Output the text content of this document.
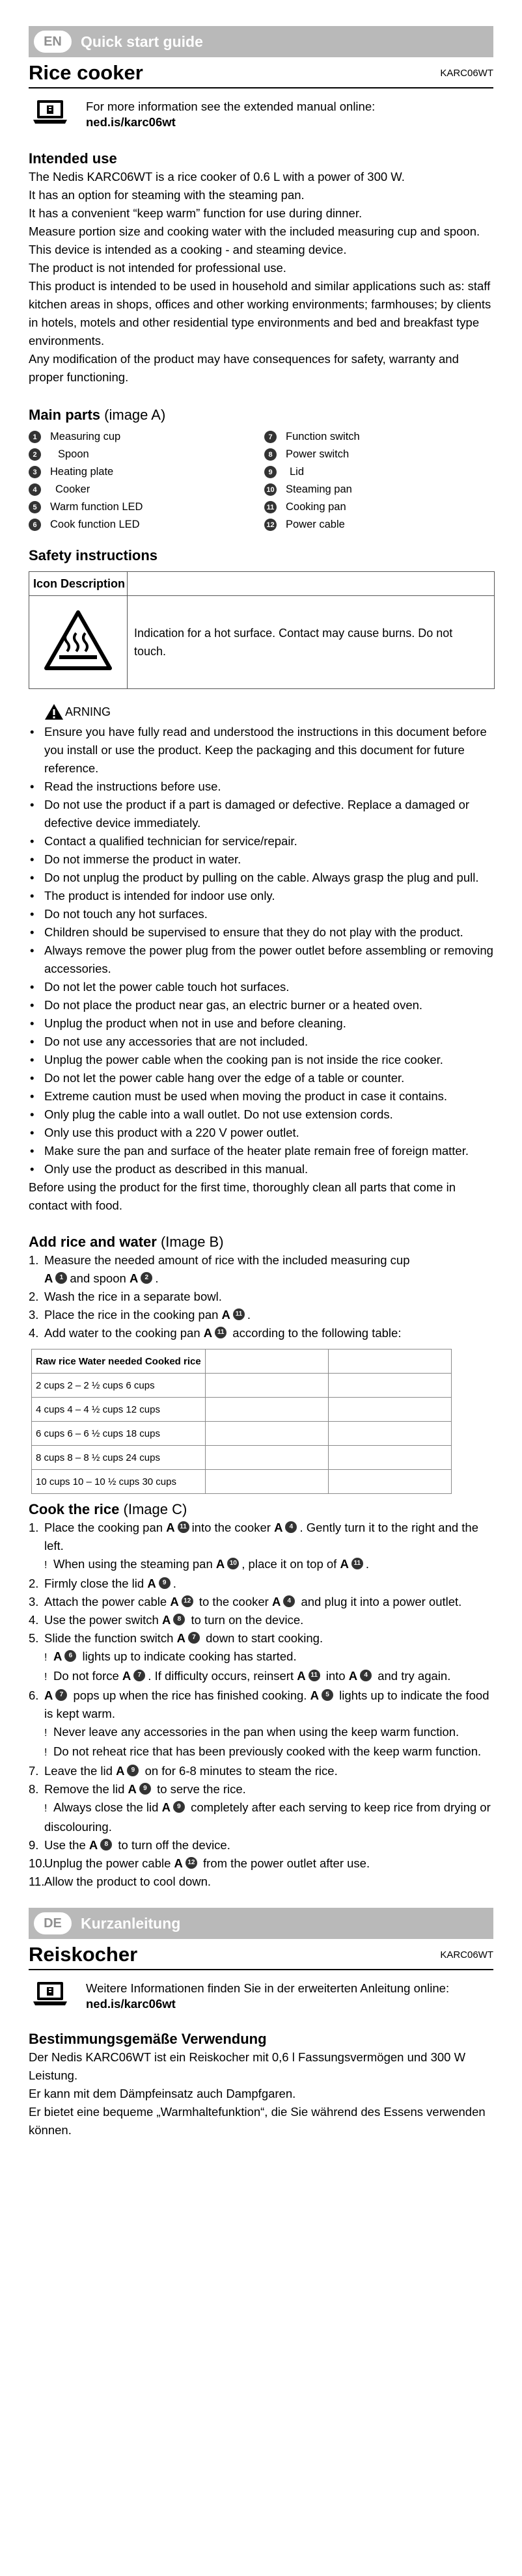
EN Quick start guide
Rice cooker	KARC06WT
For more information see the extended manual online:
ned.is/karc06wt
Intended use

The Nedis KARC06WT is a rice cooker of 0.6 L with a power of 300 W.

It has an option for steaming with the steaming pan.

It has a convenient “keep warm” function for use during dinner.

Measure portion size and cooking water with the included measuring cup and spoon.

This device is intended as a cooking - and steaming device.

The product is not intended for professional use.

This product is intended to be used in household and similar applications such as: staff kitchen areas in shops, offices and other working environments; farmhouses; by clients in hotels, motels and other residential type environments and bed and breakfast type environments.

Any modification of the product may have consequences for safety, warranty and proper functioning.

Main parts (image A)
1	Measuring cup	7	Function switch
2	Spoon	8	Power switch
3	Heating plate	9	Lid
4	Cooker	10 Steaming pan
5	Warm function LED	11 Cooking pan
6	Cook function LED	12 Power cable
Safety instructions
Icon Description	
	Indication for a hot surface. Contact may cause burns. Do not touch.
ARNING
• Ensure you have fully read and understood the instructions in this document before you install or use the product. Keep the packaging and this document for future reference.
• Read the instructions before use.
• Do not use the product if a part is damaged or defective. Replace a damaged or defective device immediately.
• Contact a qualified technician for service/repair.
• Do not immerse the product in water.
• Do not unplug the product by pulling on the cable. Always grasp the plug and pull.
• The product is intended for indoor use only.
• Do not touch any hot surfaces.
• Children should be supervised to ensure that they do not play with the product.
• Always remove the power plug from the power outlet before assembling or removing accessories.
• Do not let the power cable touch hot surfaces.
• Do not place the product near gas, an electric burner or a heated oven.
• Unplug the product when not in use and before cleaning.
• Do not use any accessories that are not included.
• Unplug the power cable when the cooking pan is not inside the rice cooker.
• Do not let the power cable hang over the edge of a table or counter.
• Extreme caution must be used when moving the product in case it contains.
• Only plug the cable into a wall outlet. Do not use extension cords.
• Only use this product with a 220 V power outlet.
• Make sure the pan and surface of the heater plate remain free of foreign matter.
• Only use the product as described in this manual.

Before using the product for the first time, thoroughly clean all parts that come in contact with food.

Add rice and water (Image B)
1. Measure the needed amount of rice with the included measuring cup
A 1 and spoon A 2 .
2. Wash the rice in a separate bowl.
3. Place the rice in the cooking pan A 11 .
4. Add water to the cooking pan A 11 according to the following table:
Raw rice Water needed Cooked rice		
2 cups 2 – 2 ½ cups 6 cups		
4 cups 4 – 4 ½ cups 12 cups		
6 cups 6 – 6 ½ cups 18 cups		
8 cups 8 – 8 ½ cups 24 cups		
10 cups 10 – 10 ½ cups 30 cups		
Cook the rice (Image C)
1. Place the cooking pan A 11 into the cooker A 4 . Gently turn it to the right and the left.
! When using the steaming pan A 10 , place it on top of A 11 .
2. Firmly close the lid A 9 .
3. Attach the power cable A 12 to the cooker A 4 and plug it into a power outlet.
4. Use the power switch A 8 to turn on the device.
5. Slide the function switch A 7 down to start cooking.
! A 6 lights up to indicate cooking has started.
! Do not force A 7 . If difficulty occurs, reinsert A 11 into A 4 and try again.
6. A 7 pops up when the rice has finished cooking. A 5 lights up to indicate the food is kept warm.
! Never leave any accessories in the pan when using the keep warm function.
! Do not reheat rice that has been previously cooked with the keep warm function.
7. Leave the lid A 9 on for 6-8 minutes to steam the rice.
8. Remove the lid A 9 to serve the rice.
! Always close the lid A 9 completely after each serving to keep rice from drying or discolouring.
9. Use the A 8 to turn off the device.
10.
Unplug the power cable A 12 from the power outlet after use.
11. Allow the product to cool down.
DE Kurzanleitung
Reiskocher	KARC06WT
Weitere Informationen finden Sie in der erweiterten Anleitung online: ned.is/karc06wt
Bestimmungsgemäße Verwendung

Der Nedis KARC06WT ist ein Reiskocher mit 0,6 l Fassungsvermögen und 300 W Leistung.

Er kann mit dem Dämpfeinsatz auch Dampfgaren.

Er bietet eine bequeme „Warmhaltefunktion“, die Sie während des Essens verwenden können.
